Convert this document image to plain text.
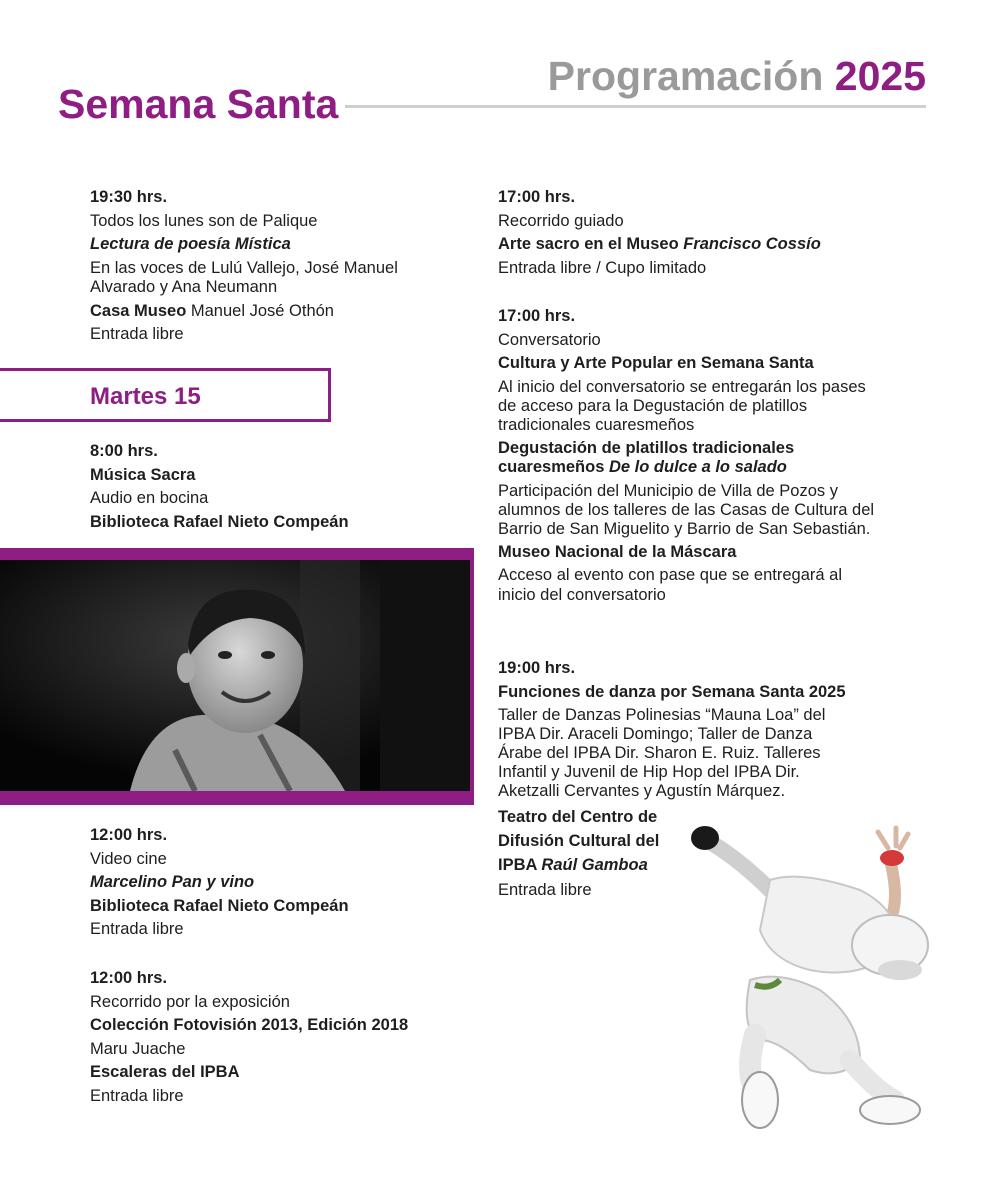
Semana Santa
Programación 2025

19:30 hrs.

Todos los lunes son de Palique

Lectura de poesía Mística

En las voces de Lulú Vallejo, José Manuel Alvarado y Ana Neumann

Casa Museo Manuel José Othón

Entrada libre

Martes 15

8:00 hrs.

Música Sacra

Audio en bocina

Biblioteca Rafael Nieto Compeán

12:00 hrs.

Video cine

Marcelino Pan y vino

Biblioteca Rafael Nieto Compeán

Entrada libre

12:00 hrs.

Recorrido por la exposición

Colección Fotovisión 2013, Edición 2018

Maru Juache

Escaleras del IPBA

Entrada libre

17:00 hrs.

Recorrido guiado

Arte sacro en el Museo Francisco Cossío

Entrada libre / Cupo limitado

17:00 hrs.

Conversatorio

Cultura y Arte Popular en Semana Santa

Al inicio del conversatorio se entregarán los pases de acceso para la Degustación de platillos tradicionales cuaresmeños

Degustación de platillos tradicionales cuaresmeños De lo dulce a lo salado

Participación del Municipio de Villa de Pozos y alumnos de los talleres de las Casas de Cultura del Barrio de San Miguelito y Barrio de San Sebastián.

Museo Nacional de la Máscara

Acceso al evento con pase que se entregará al inicio del conversatorio

19:00 hrs.

Funciones de danza por Semana Santa 2025

Taller de Danzas Polinesias “Mauna Loa” del IPBA Dir. Araceli Domingo; Taller de Danza Árabe del IPBA Dir. Sharon E. Ruiz. Talleres Infantil y Juvenil de Hip Hop del IPBA Dir. Aketzalli Cervantes y Agustín Márquez.

Teatro del Centro de

Difusión Cultural del

IPBA Raúl Gamboa

Entrada libre
